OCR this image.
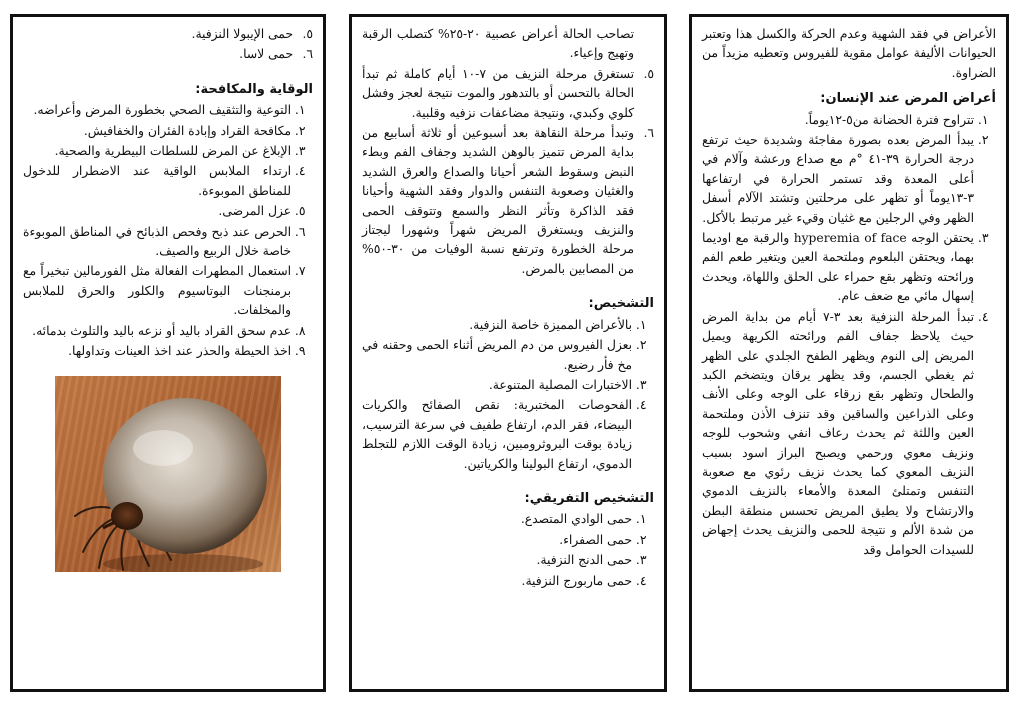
الأعراض في فقد الشهية وعدم الحركة والكسل هذا وتعتبر الحيوانات الأليفة عوامل مقوية للفيروس وتعطيه مزيداً من الضراوة.

أعراض المرض عند الإنسان:
1. تتراوح فترة الحضانة من٥-١٢يوماً.
2. يبدأ المرض بعده بصورة مفاجئة وشديدة حيث ترتفع درجة الحرارة ٣٩-٤١ °م مع صداع ورعشة وآلام في أعلى المعدة وقد تستمر الحرارة في ارتفاعها ٣-١٣يوماً أو تظهر على مرحلتين وتشتد الآلام أسفل الظهر وفي الرجلين مع غثيان وقيء غير مرتبط بالأكل.
3. يحتقن الوجه hyperemia of face والرقبة مع اوديما بهما، ويحتقن البلعوم وملتحمة العين ويتغير طعم الفم ورائحته وتظهر بقع حمراء على الحلق واللهاة، ويحدث إسهال مائي مع ضعف عام.
4. تبدأ المرحلة النزفية بعد ٣-٧ أيام من بداية المرض حيث يلاحظ جفاف الفم ورائحته الكريهة ويميل المريض إلى النوم ويظهر الطفح الجلدي على الظهر ثم يغطي الجسم، وقد يظهر يرقان ويتضخم الكبد والطحال وتظهر بقع زرقاء على الوجه وعلى الأنف وعلى الذراعين والساقين وقد تنزف الأذن وملتحمة العين واللثة ثم يحدث رعاف انفي وشحوب للوجه ونزيف معوي ورحمي ويصبح البراز اسود بسبب النزيف المعوي كما يحدث نزيف رئوي مع صعوبة التنفس وتمتلئ المعدة والأمعاء بالنزيف الدموي والارتشاح ولا يطيق المريض تحسس منطقة البطن من شدة الألم و نتيجة للحمى والنزيف يحدث إجهاض للسيدات الحوامل وقد
تصاحب الحالة أعراض عصبية ٢٠-٢٥% كتصلب الرقبة وتهيج وإعياء.
٥.
تستغرق مرحلة النزيف من ٧-١٠ أيام كاملة ثم تبدأ الحالة بالتحسن أو بالتدهور والموت نتيجة لعجز وفشل كلوي وكبدي، ونتيجة مضاعفات نزفيه وقلبية.
٦.
وتبدأ مرحلة النقاهة بعد أسبوعين أو ثلاثة أسابيع من بداية المرض تتميز بالوهن الشديد وجفاف الفم وبطء النبض وسقوط الشعر أحيانا والصداع والعرق الشديد والغثيان وصعوبة التنفس والدوار وفقد الشهية وأحيانا فقد الذاكرة وتأثر النظر والسمع وتتوقف الحمى والنزيف ويستغرق المريض شهراً وشهورا ليجتاز مرحلة الخطورة وترتفع نسبة الوفيات من ٣٠-٥٠% من المصابين بالمرض.
التشخيص:
1. بالأعراض المميزة خاصة النزفية.
2. بعزل الفيروس من دم المريض أثناء الحمى وحقنه في مخ فأر رضيع.
3. الاختبارات المصلية المتنوعة.
4. الفحوصات المختبرية: نقص الصفائح والكريات البيضاء، فقر الدم، ارتفاع طفيف في سرعة الترسيب، زيادة بوقت البروثرومبين، زيادة الوقت اللازم للتجلط الدموي، ارتفاع البولينا والكرياتين.
التشخيص التفريقي:
1. حمى الوادي المتصدع.
2. حمى الصفراء.
3. حمى الدنج النزفية.
4. حمى ماربورج النزفية.
٥.
حمى الإيبولا النزفية.
٦.
حمى لاسا.
الوقاية والمكافحة:
1. التوعية والتثقيف الصحي بخطورة المرض وأعراضه.
2. مكافحة القراد وإبادة الفئران والخفافيش.
3. الإبلاغ عن المرض للسلطات البيطرية والصحية.
4. ارتداء الملابس الواقية عند الاضطرار للدخول للمناطق الموبوءة.
5. عزل المرضى.
6. الحرص عند ذبح وفحص الذبائح في المناطق الموبوءة خاصة خلال الربيع والصيف.
7. استعمال المطهرات الفعالة مثل الفورمالين تبخيراً مع برمنجنات البوتاسيوم والكلور والحرق للملابس والمخلفات.
8. عدم سحق القراد باليد أو نزعه باليد والتلوث بدمائه.
9. اخذ الحيطة والحذر عند اخذ العينات وتداولها.
